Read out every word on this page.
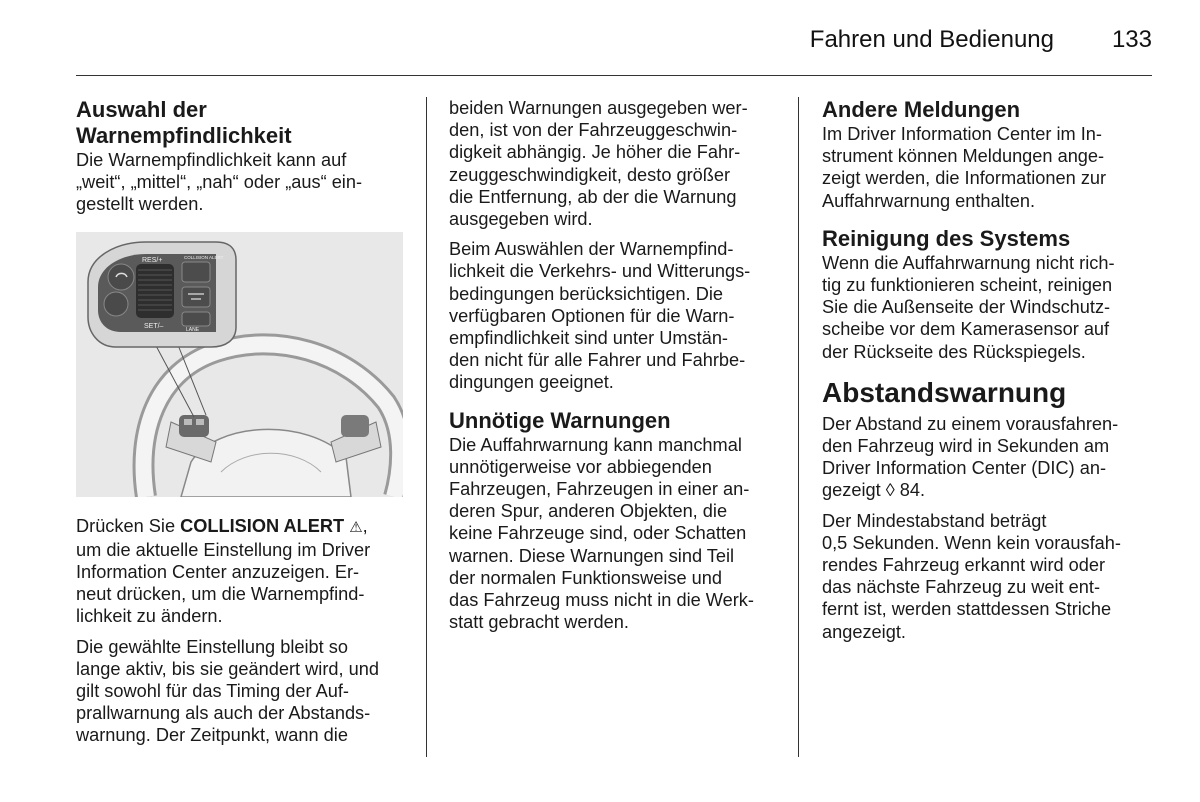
Fahren und Bedienung 133
Auswahl der
Warnempfindlichkeit

Die Warnempfindlichkeit kann auf
„weit“, „mittel“, „nah“ oder „aus“ ein-
gestellt werden.

RES/+
SET/–
COLLISION ALERT
LANE

Drücken Sie COLLISION ALERT ⚠,
um die aktuelle Einstellung im Driver
Information Center anzuzeigen. Er-
neut drücken, um die Warnempfind-
lichkeit zu ändern.

Die gewählte Einstellung bleibt so
lange aktiv, bis sie geändert wird, und
gilt sowohl für das Timing der Auf-
prallwarnung als auch der Abstands-
warnung. Der Zeitpunkt, wann die

beiden Warnungen ausgegeben wer-
den, ist von der Fahrzeuggeschwin-
digkeit abhängig. Je höher die Fahr-
zeuggeschwindigkeit, desto größer
die Entfernung, ab der die Warnung
ausgegeben wird.

Beim Auswählen der Warnempfind-
lichkeit die Verkehrs- und Witterungs-
bedingungen berücksichtigen. Die
verfügbaren Optionen für die Warn-
empfindlichkeit sind unter Umstän-
den nicht für alle Fahrer und Fahrbe-
dingungen geeignet.

Unnötige Warnungen

Die Auffahrwarnung kann manchmal
unnötigerweise vor abbiegenden
Fahrzeugen, Fahrzeugen in einer an-
deren Spur, anderen Objekten, die
keine Fahrzeuge sind, oder Schatten
warnen. Diese Warnungen sind Teil
der normalen Funktionsweise und
das Fahrzeug muss nicht in die Werk-
statt gebracht werden.

Andere Meldungen

Im Driver Information Center im In-
strument können Meldungen ange-
zeigt werden, die Informationen zur
Auffahrwarnung enthalten.

Reinigung des Systems

Wenn die Auffahrwarnung nicht rich-
tig zu funktionieren scheint, reinigen
Sie die Außenseite der Windschutz-
scheibe vor dem Kamerasensor auf
der Rückseite des Rückspiegels.

Abstandswarnung

Der Abstand zu einem vorausfahren-
den Fahrzeug wird in Sekunden am
Driver Information Center (DIC) an-
gezeigt ◊ 84.

Der Mindestabstand beträgt
0,5 Sekunden. Wenn kein vorausfah-
rendes Fahrzeug erkannt wird oder
das nächste Fahrzeug zu weit ent-
fernt ist, werden stattdessen Striche
angezeigt.
